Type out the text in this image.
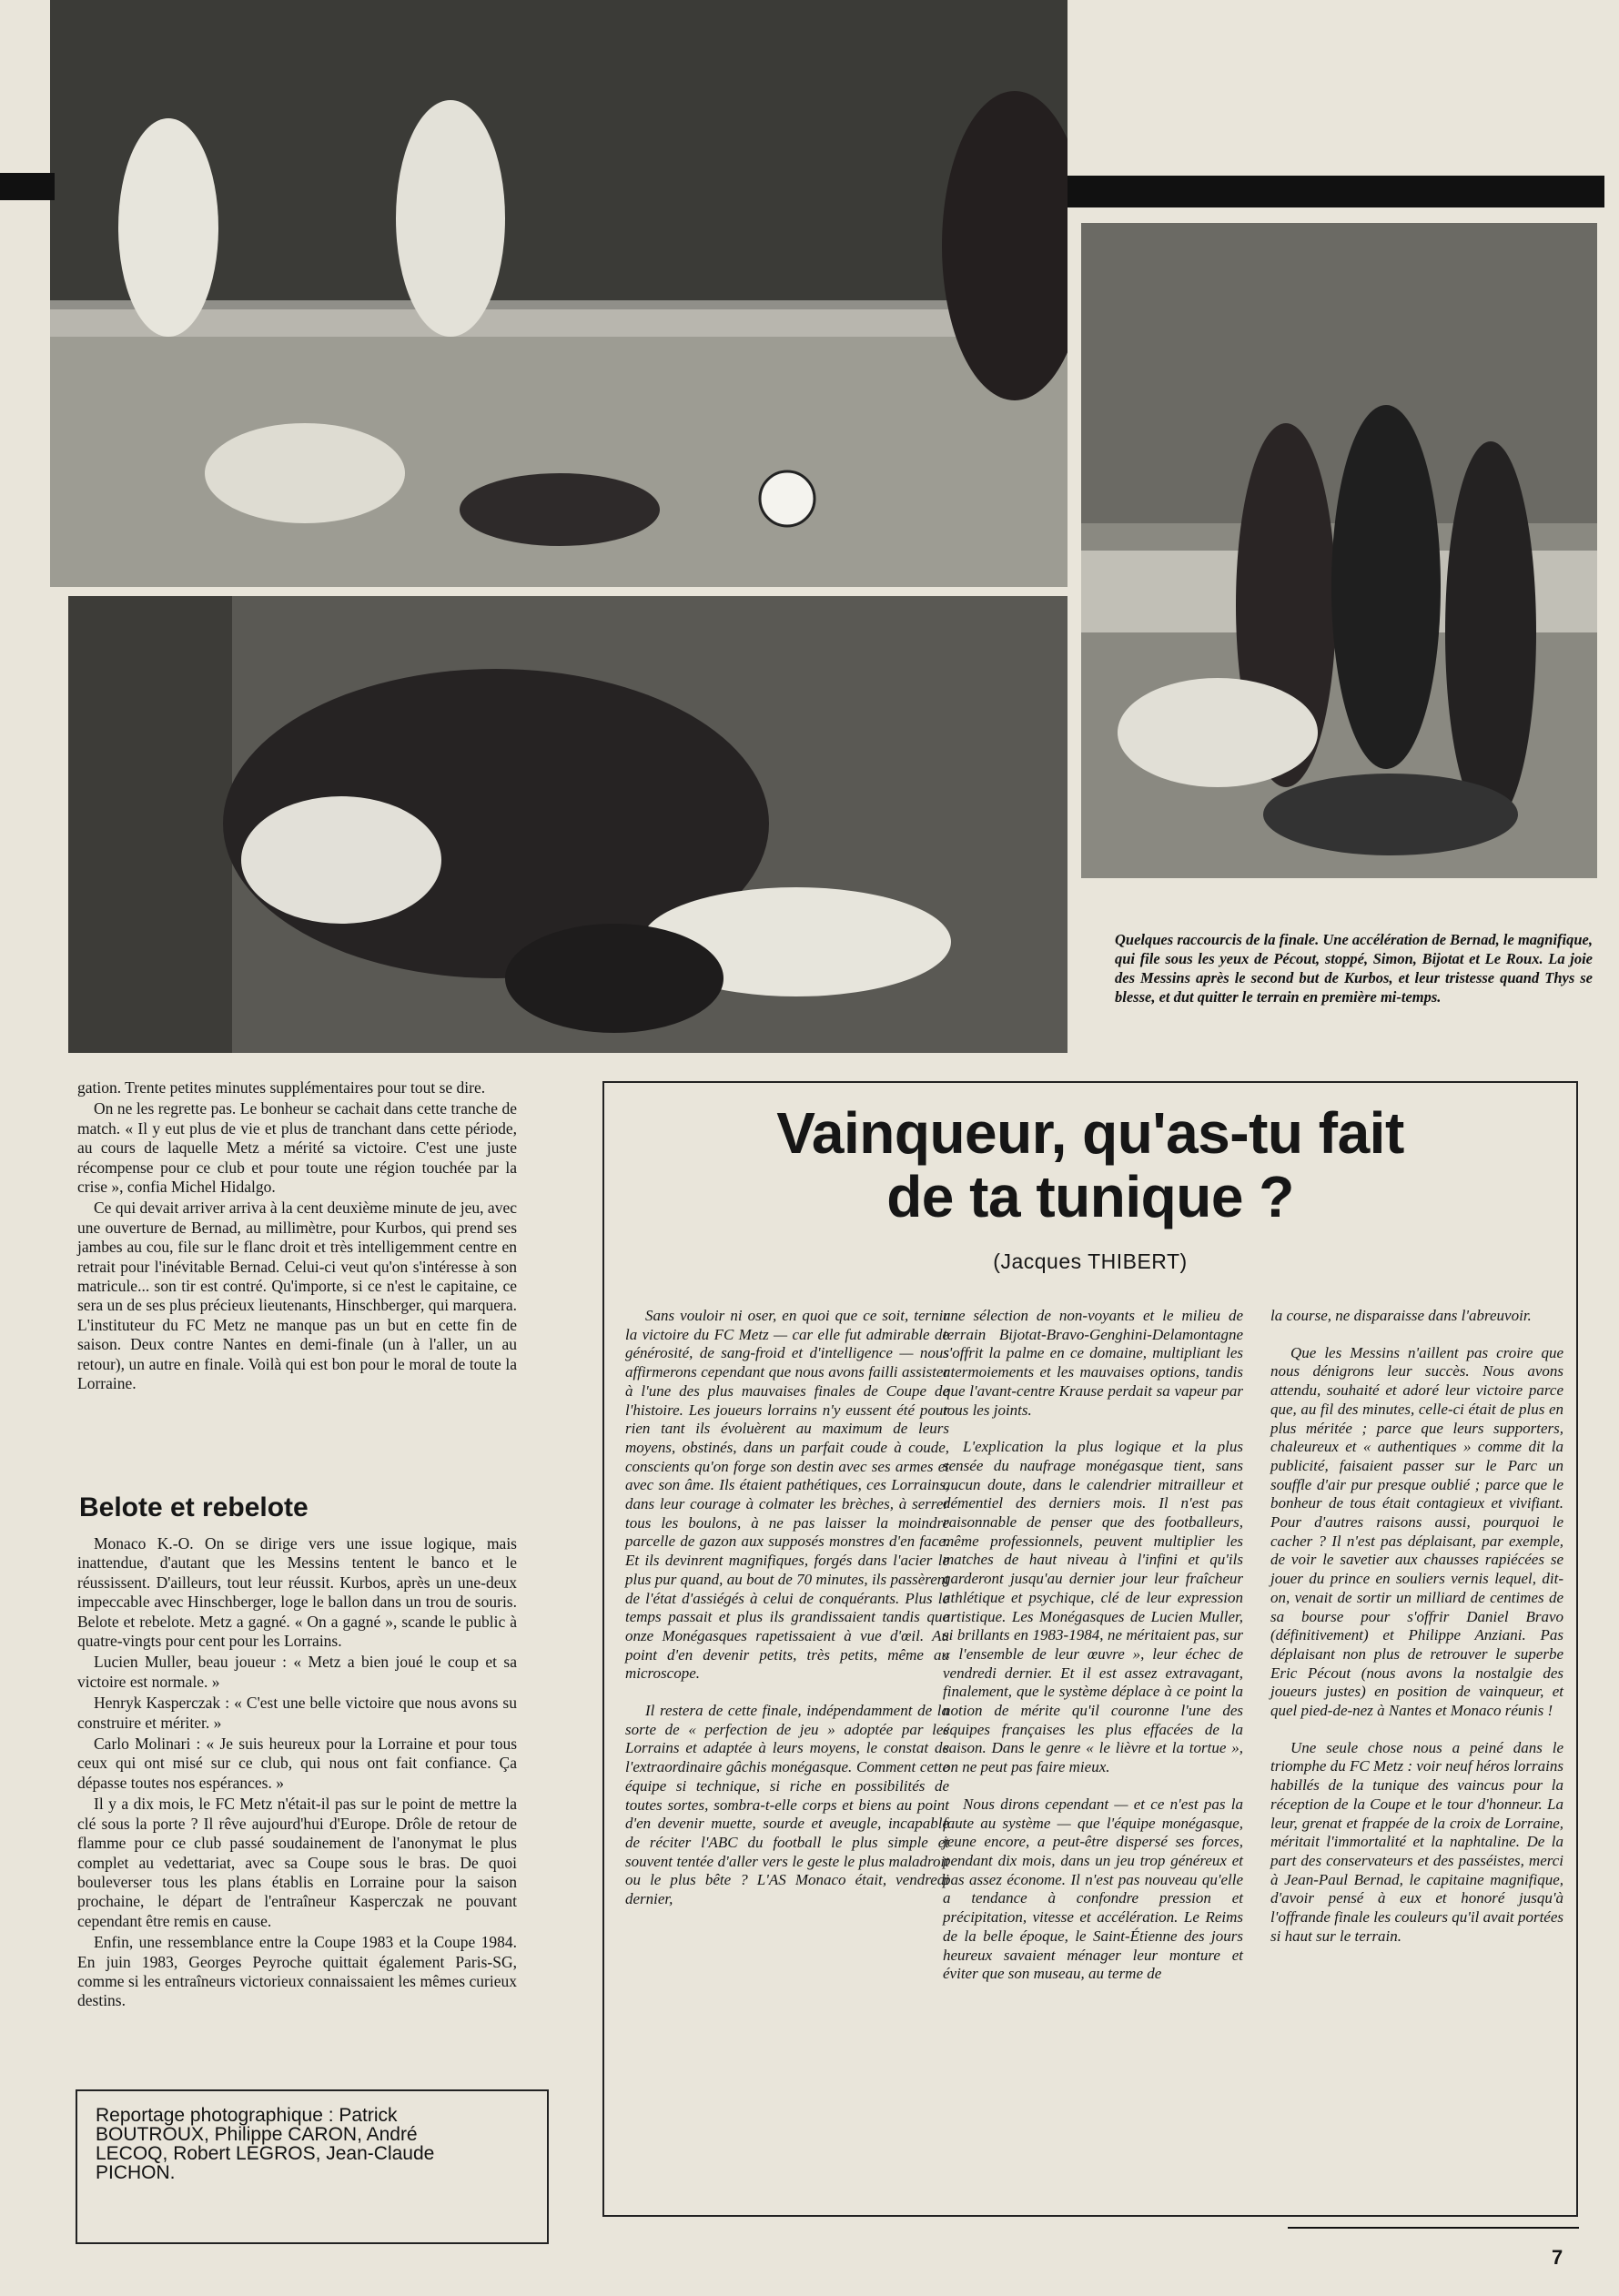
Quelques raccourcis de la finale. Une accélération de Bernad, le magnifique, qui file sous les yeux de Pécout, stoppé, Simon, Bijotat et Le Roux. La joie des Messins après le second but de Kurbos, et leur tristesse quand Thys se blesse, et dut quitter le terrain en première mi-temps.

gation. Trente petites minutes supplémentaires pour tout se dire.

On ne les regrette pas. Le bonheur se cachait dans cette tranche de match. « Il y eut plus de vie et plus de tranchant dans cette période, au cours de laquelle Metz a mérité sa victoire. C'est une juste récompense pour ce club et pour toute une région touchée par la crise », confia Michel Hidalgo.

Ce qui devait arriver arriva à la cent deuxième minute de jeu, avec une ouverture de Bernad, au millimètre, pour Kurbos, qui prend ses jambes au cou, file sur le flanc droit et très intelligemment centre en retrait pour l'inévitable Bernad. Celui-ci veut qu'on s'intéresse à son matricule... son tir est contré. Qu'importe, si ce n'est le capitaine, ce sera un de ses plus précieux lieutenants, Hinschberger, qui marquera. L'instituteur du FC Metz ne manque pas un but en cette fin de saison. Deux contre Nantes en demi-finale (un à l'aller, un au retour), un autre en finale. Voilà qui est bon pour le moral de toute la Lorraine.

Belote et rebelote

Monaco K.-O. On se dirige vers une issue logique, mais inattendue, d'autant que les Messins tentent le banco et le réussissent. D'ailleurs, tout leur réussit. Kurbos, après un une-deux impeccable avec Hinschberger, loge le ballon dans un trou de souris. Belote et rebelote. Metz a gagné. « On a gagné », scande le public à quatre-vingts pour cent pour les Lorrains.

Lucien Muller, beau joueur : « Metz a bien joué le coup et sa victoire est normale. »

Henryk Kasperczak : « C'est une belle victoire que nous avons su construire et mériter. »

Carlo Molinari : « Je suis heureux pour la Lorraine et pour tous ceux qui ont misé sur ce club, qui nous ont fait confiance. Ça dépasse toutes nos espérances. »

Il y a dix mois, le FC Metz n'était-il pas sur le point de mettre la clé sous la porte ? Il rêve aujourd'hui d'Europe. Drôle de retour de flamme pour ce club passé soudainement de l'anonymat le plus complet au vedettariat, avec sa Coupe sous le bras. De quoi bouleverser tous les plans établis en Lorraine pour la saison prochaine, le départ de l'entraîneur Kasperczak ne pouvant cependant être remis en cause.

Enfin, une ressemblance entre la Coupe 1983 et la Coupe 1984. En juin 1983, Georges Peyroche quittait également Paris-SG, comme si les entraîneurs victorieux connaissaient les mêmes curieux destins.

Reportage photographique : Patrick
BOUTROUX, Philippe CARON, André
LECOQ, Robert LEGROS, Jean-Claude
PICHON.
Vainqueur, qu'as-tu fait
de ta tunique ?
(Jacques THIBERT)

Sans vouloir ni oser, en quoi que ce soit, ternir la victoire du FC Metz — car elle fut admirable de générosité, de sang-froid et d'intelligence — nous affirmerons cependant que nous avons failli assister à l'une des plus mauvaises finales de Coupe de l'histoire. Les joueurs lorrains n'y eussent été pour rien tant ils évoluèrent au maximum de leurs moyens, obstinés, dans un parfait coude à coude, conscients qu'on forge son destin avec ses armes et avec son âme. Ils étaient pathétiques, ces Lorrains, dans leur courage à colmater les brèches, à serrer tous les boulons, à ne pas laisser la moindre parcelle de gazon aux supposés monstres d'en face. Et ils devinrent magnifiques, forgés dans l'acier le plus pur quand, au bout de 70 minutes, ils passèrent de l'état d'assiégés à celui de conquérants. Plus le temps passait et plus ils grandissaient tandis que onze Monégasques rapetissaient à vue d'œil. Au point d'en devenir petits, très petits, même au microscope.

Il restera de cette finale, indépendamment de la sorte de « perfection de jeu » adoptée par les Lorrains et adaptée à leurs moyens, le constat de l'extraordinaire gâchis monégasque. Comment cette équipe si technique, si riche en possibilités de toutes sortes, sombra-t-elle corps et biens au point d'en devenir muette, sourde et aveugle, incapable de réciter l'ABC du football le plus simple et souvent tentée d'aller vers le geste le plus maladroit ou le plus bête ? L'AS Monaco était, vendredi dernier,

une sélection de non-voyants et le milieu de terrain Bijotat-Bravo-Genghini-Delamontagne s'offrit la palme en ce domaine, multipliant les atermoiements et les mauvaises options, tandis que l'avant-centre Krause perdait sa vapeur par tous les joints.

L'explication la plus logique et la plus sensée du naufrage monégasque tient, sans aucun doute, dans le calendrier mitrailleur et démentiel des derniers mois. Il n'est pas raisonnable de penser que des footballeurs, même professionnels, peuvent multiplier les matches de haut niveau à l'infini et qu'ils garderont jusqu'au dernier jour leur fraîcheur athlétique et psychique, clé de leur expression artistique. Les Monégasques de Lucien Muller, si brillants en 1983-1984, ne méritaient pas, sur « l'ensemble de leur œuvre », leur échec de vendredi dernier. Et il est assez extravagant, finalement, que le système déplace à ce point la notion de mérite qu'il couronne l'une des équipes françaises les plus effacées de la saison. Dans le genre « le lièvre et la tortue », on ne peut pas faire mieux.

Nous dirons cependant — et ce n'est pas la faute au système — que l'équipe monégasque, jeune encore, a peut-être dispersé ses forces, pendant dix mois, dans un jeu trop généreux et pas assez économe. Il n'est pas nouveau qu'elle a tendance à confondre pression et précipitation, vitesse et accélération. Le Reims de la belle époque, le Saint-Étienne des jours heureux savaient ménager leur monture et éviter que son museau, au terme de

la course, ne disparaisse dans l'abreuvoir.

Que les Messins n'aillent pas croire que nous dénigrons leur succès. Nous avons attendu, souhaité et adoré leur victoire parce que, au fil des minutes, celle-ci était de plus en plus méritée ; parce que leurs supporters, chaleureux et « authentiques » comme dit la publicité, faisaient passer sur le Parc un souffle d'air pur presque oublié ; parce que le bonheur de tous était contagieux et vivifiant. Pour d'autres raisons aussi, pourquoi le cacher ? Il n'est pas déplaisant, par exemple, de voir le savetier aux chausses rapiécées se jouer du prince en souliers vernis lequel, dit-on, venait de sortir un milliard de centimes de sa bourse pour s'offrir Daniel Bravo (définitivement) et Philippe Anziani. Pas déplaisant non plus de retrouver le superbe Eric Pécout (nous avons la nostalgie des joueurs justes) en position de vainqueur, et quel pied-de-nez à Nantes et Monaco réunis !

Une seule chose nous a peiné dans le triomphe du FC Metz : voir neuf héros lorrains habillés de la tunique des vaincus pour la réception de la Coupe et le tour d'honneur. La leur, grenat et frappée de la croix de Lorraine, méritait l'immortalité et la naphtaline. De la part des conservateurs et des passéistes, merci à Jean-Paul Bernad, le capitaine magnifique, d'avoir pensé à eux et honoré jusqu'à l'offrande finale les couleurs qu'il avait portées si haut sur le terrain.

7
